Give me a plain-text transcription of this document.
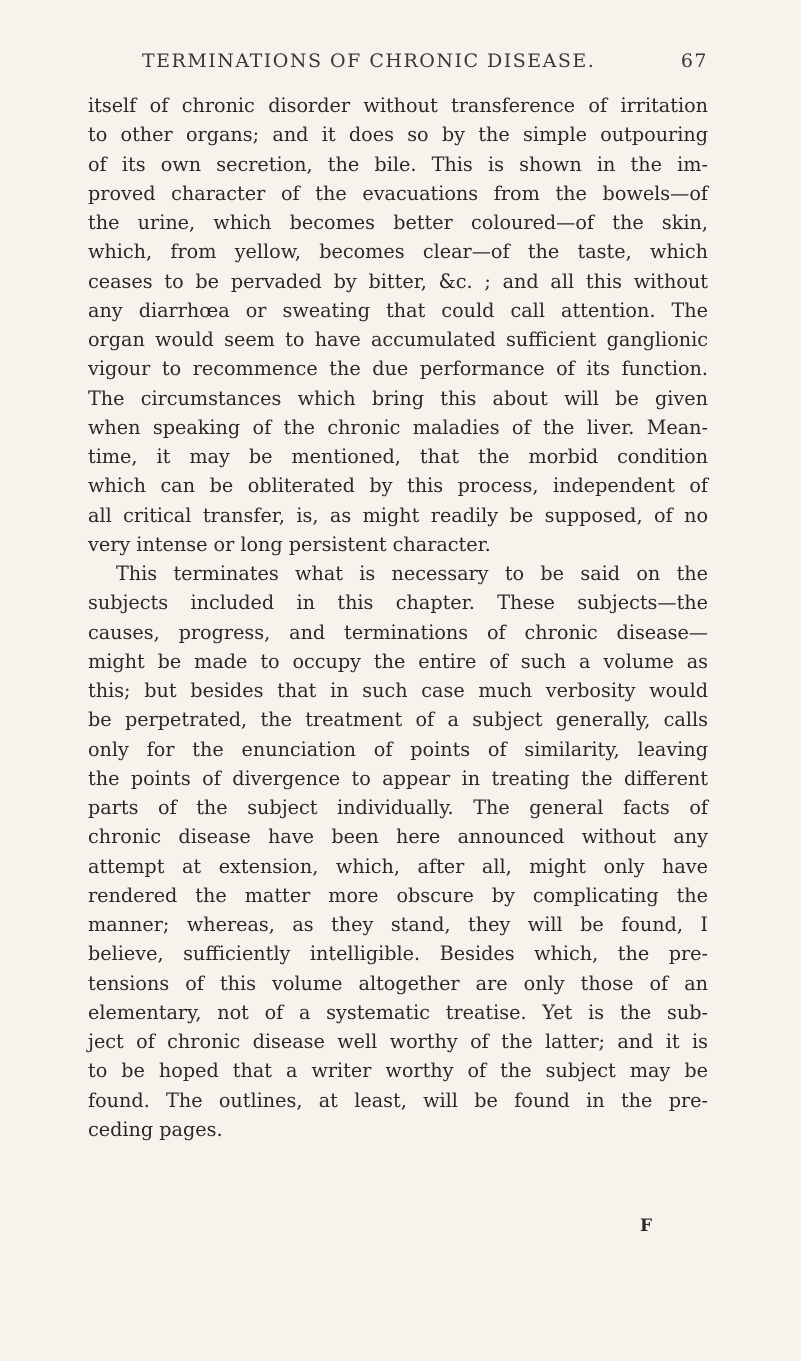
TERMINATIONS OF CHRONIC DISEASE.	67
itself of chronic disorder without transference of irritation
to other organs; and it does so by the simple outpouring
of its own secretion, the bile. This is shown in the im-
proved character of the evacuations from the bowels—of
the urine, which becomes better coloured—of the skin,
which, from yellow, becomes clear—of the taste, which
ceases to be pervaded by bitter, &c. ; and all this without
any diarrhœa or sweating that could call attention. The
organ would seem to have accumulated sufficient ganglionic
vigour to recommence the due performance of its function.
The circumstances which bring this about will be given
when speaking of the chronic maladies of the liver. Mean-
time, it may be mentioned, that the morbid condition
which can be obliterated by this process, independent of
all critical transfer, is, as might readily be supposed, of no
very intense or long persistent character.
This terminates what is necessary to be said on the
subjects included in this chapter. These subjects—the
causes, progress, and terminations of chronic disease—
might be made to occupy the entire of such a volume as
this; but besides that in such case much verbosity would
be perpetrated, the treatment of a subject generally, calls
only for the enunciation of points of similarity, leaving
the points of divergence to appear in treating the different
parts of the subject individually. The general facts of
chronic disease have been here announced without any
attempt at extension, which, after all, might only have
rendered the matter more obscure by complicating the
manner; whereas, as they stand, they will be found, I
believe, sufficiently intelligible. Besides which, the pre-
tensions of this volume altogether are only those of an
elementary, not of a systematic treatise. Yet is the sub-
ject of chronic disease well worthy of the latter; and it is
to be hoped that a writer worthy of the subject may be
found. The outlines, at least, will be found in the pre-
ceding pages.
F
